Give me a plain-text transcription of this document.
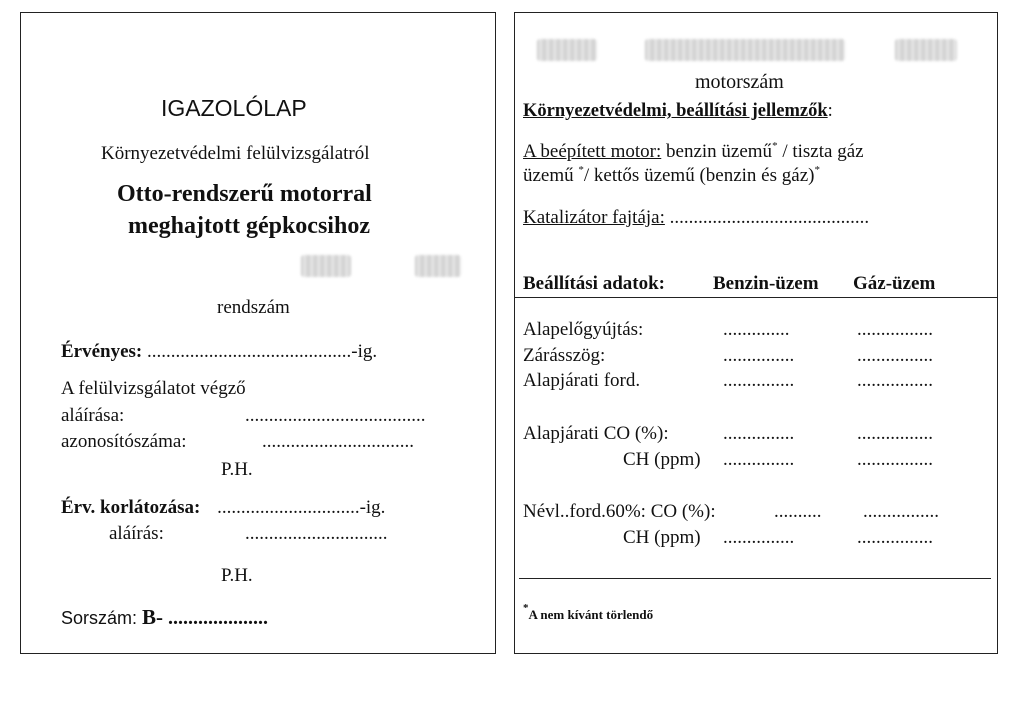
IGAZOLÓLAP
Környezetvédelmi felülvizsgálatról
Otto-rendszerű motorral
meghajtott gépkocsihoz
rendszám
Érvényes: ...........................................-ig.
A felülvizsgálatot végző
aláírása:	......................................
azonosítószáma:	................................
P.H.
Érv. korlátozása: ..............................-ig.
aláírás:	..............................
P.H.
Sorszám: B- ....................
motorszám
Környezetvédelmi, beállítási jellemzők:
A beépített motor: benzin üzemű* / tiszta gáz
üzemű */ kettős üzemű (benzin és gáz)*
Katalizátor fajtája: ..........................................
Beállítási adatok:	Benzin-üzem Gáz-üzem
Alapelőgyújtás:	..............	................
Zárásszög:	...............	................
Alapjárati ford.	...............	................
Alapjárati CO (%):	...............	................
CH (ppm) ...............	................
Névl..ford.60%: CO (%):	.......... ................
CH (ppm) ...............	................
*A nem kívánt törlendő
